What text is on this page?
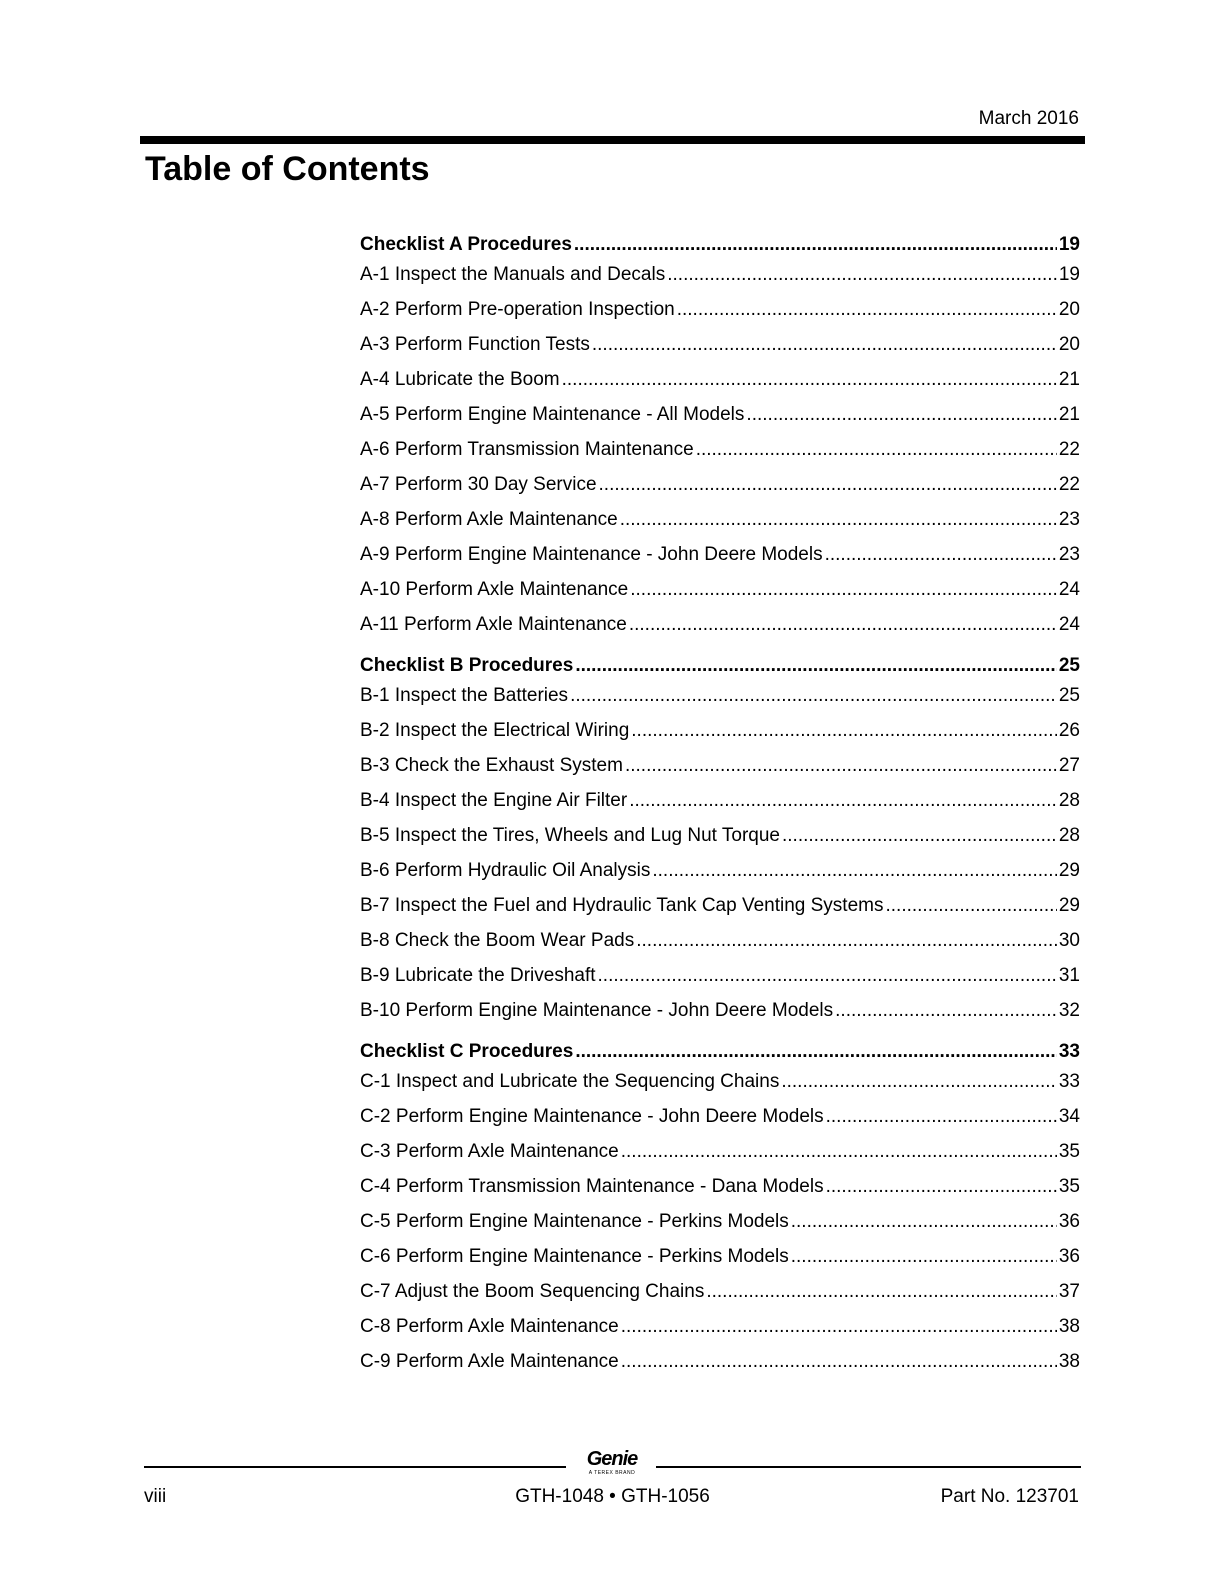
March 2016
Table of Contents
Checklist A Procedures .....	19
A-1 Inspect the Manuals and Decals .....	19
A-2 Perform Pre-operation Inspection .....	20
A-3 Perform Function Tests .....	20
A-4 Lubricate the Boom .....	21
A-5 Perform Engine Maintenance - All Models .....	21
A-6 Perform Transmission Maintenance .....	22
A-7 Perform 30 Day Service .....	22
A-8 Perform Axle Maintenance .....	23
A-9 Perform Engine Maintenance - John Deere Models .....	23
A-10 Perform Axle Maintenance .....	24
A-11 Perform Axle Maintenance .....	24
Checklist B Procedures .....	25
B-1 Inspect the Batteries .....	25
B-2 Inspect the Electrical Wiring .....	26
B-3 Check the Exhaust System .....	27
B-4 Inspect the Engine Air Filter .....	28
B-5 Inspect the Tires, Wheels and Lug Nut Torque .....	28
B-6 Perform Hydraulic Oil Analysis .....	29
B-7 Inspect the Fuel and Hydraulic Tank Cap Venting Systems .....	29
B-8 Check the Boom Wear Pads .....	30
B-9 Lubricate the Driveshaft .....	31
B-10 Perform Engine Maintenance - John Deere Models .....	32
Checklist C Procedures .....	33
C-1 Inspect and Lubricate the Sequencing Chains .....	33
C-2 Perform Engine Maintenance - John Deere Models .....	34
C-3 Perform Axle Maintenance .....	35
C-4 Perform Transmission Maintenance - Dana Models .....	35
C-5 Perform Engine Maintenance - Perkins Models .....	36
C-6 Perform Engine Maintenance - Perkins Models .....	36
C-7 Adjust the Boom Sequencing Chains .....	37
C-8 Perform Axle Maintenance .....	38
C-9 Perform Axle Maintenance .....	38
Genie
A TEREX BRAND
viii	GTH-1048 • GTH-1056	Part No. 123701
